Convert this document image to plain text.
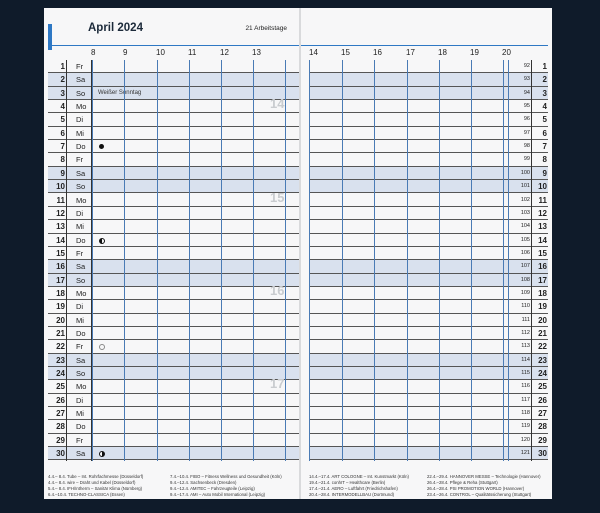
April 2024	21 Arbeitstage
8	9	10	11	12	13
1 Fr
2 Sa
3 So Weißer Sonntag
4 Mo
5 Di
6 Mi
7 Do
8 Fr
9 Sa
10 So
11 Mo
12 Di
13 Mi
14 Do
15 Fr
16 Sa
17 So
18 Mo
19 Di
20 Mi
21 Do
22 Fr
23 Sa
24 So
25 Mo
26 Di
27 Mi
28 Do
29 Fr
30 Sa
14
15
16
17
4.4.– 8.4. Tube – Int. Rohrfachmesse (Düsseldorf)
4.4.– 8.4. wire – Draht und Kabel (Düsseldorf)
5.4.– 8.4. IFH/Intherm – Sanitär Klima (Nürnberg)
6.4.–10.4. TECHNO-CLASSICA (Essen)
7.4.–10.4. FIBO – Fitness Wellness und Gesundheit (Köln)
9.4.–12.4. Sachsenbeck (Dresden)
9.4.–12.4. AMITEC – Fahrzeugteile (Leipzig)
9.4.–17.4. AMI – Auto Mobil International (Leipzig)
14	15	16	17	18	19	20
92	1
93	2
94	3
95	4
96	5
97	6
98	7
99	8
100	9
101	10
102	11
103	12
104	13
105	14
106	15
107	16
108	17
109	18
110	19
111	20
112	21
113	22
114	23
115	24
116	25
117	26
118	27
119	28
120	29
121	30
14.4.–17.4. ART COLOGNE – Int. Kunstmarkt (Köln)
19.4.–21.4. conhIT – Healthcare (Berlin)
17.4.–21.4. AERO – Luftfahrt (Friedrichshafen)
20.4.–28.4. INTERMODELLBAU (Dortmund)
22.4.–29.4. HANNOVER MESSE – Technologie (Hannover)
26.4.–28.4. Pflege & Reha (Stuttgart)
26.4.–28.4. PSI PROMOTION WORLD (Hannover)
23.4.–26.4. CONTROL – Qualitätssicherung (Stuttgart)
